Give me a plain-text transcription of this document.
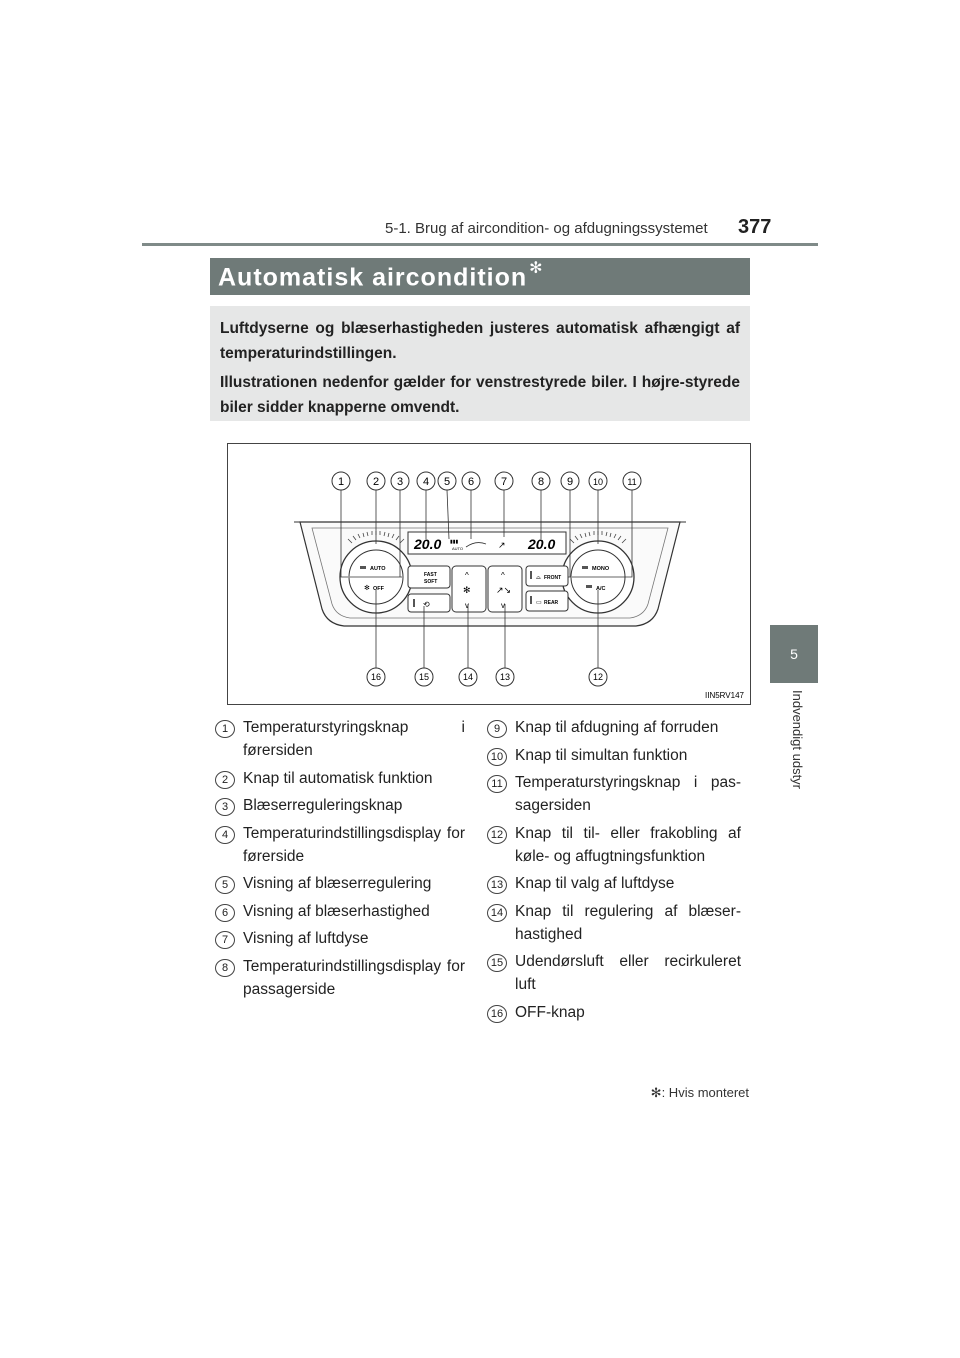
5-1. Brug af aircondition- og afdugningssystemet 377
5
Indvendigt udstyr
Automatisk aircondition ✻

Luftdyserne og blæserhastigheden justeres automatisk afhængigt af temperaturindstillingen.

Illustrationen nedenfor gælder for venstrestyrede biler. I højre-styrede biler sidder knapperne omvendt.

AUTO
✻ OFF
MONO
A/C
20.0 ▮▮▮
AUTO	↗ 20.0
FAST
SOFT
⟲
^
✻
v
^
↗↘
v
⌓ FRONT
▭ REAR
1	2 3 4 5 6 7	8 9 10	11
16	15	14	13	12
IIN5RV147
1 Temperaturstyringsknap i førersiden
2 Knap til automatisk funktion
3 Blæserreguleringsknap
4 Temperaturindstillingsdisplay for førerside
5 Visning af blæserregulering
6 Visning af blæserhastighed
7 Visning af luftdyse
8 Temperaturindstillingsdisplay for passagerside
9 Knap til afdugning af forruden
10 Knap til simultan funktion
11 Temperaturstyringsknap i pas-sagersiden
12 Knap til til- eller frakobling af køle- og affugtningsfunktion
13 Knap til valg af luftdyse
14 Knap til regulering af blæser-hastighed
15 Udendørsluft eller recirkuleret luft
16 OFF-knap
✻: Hvis monteret
